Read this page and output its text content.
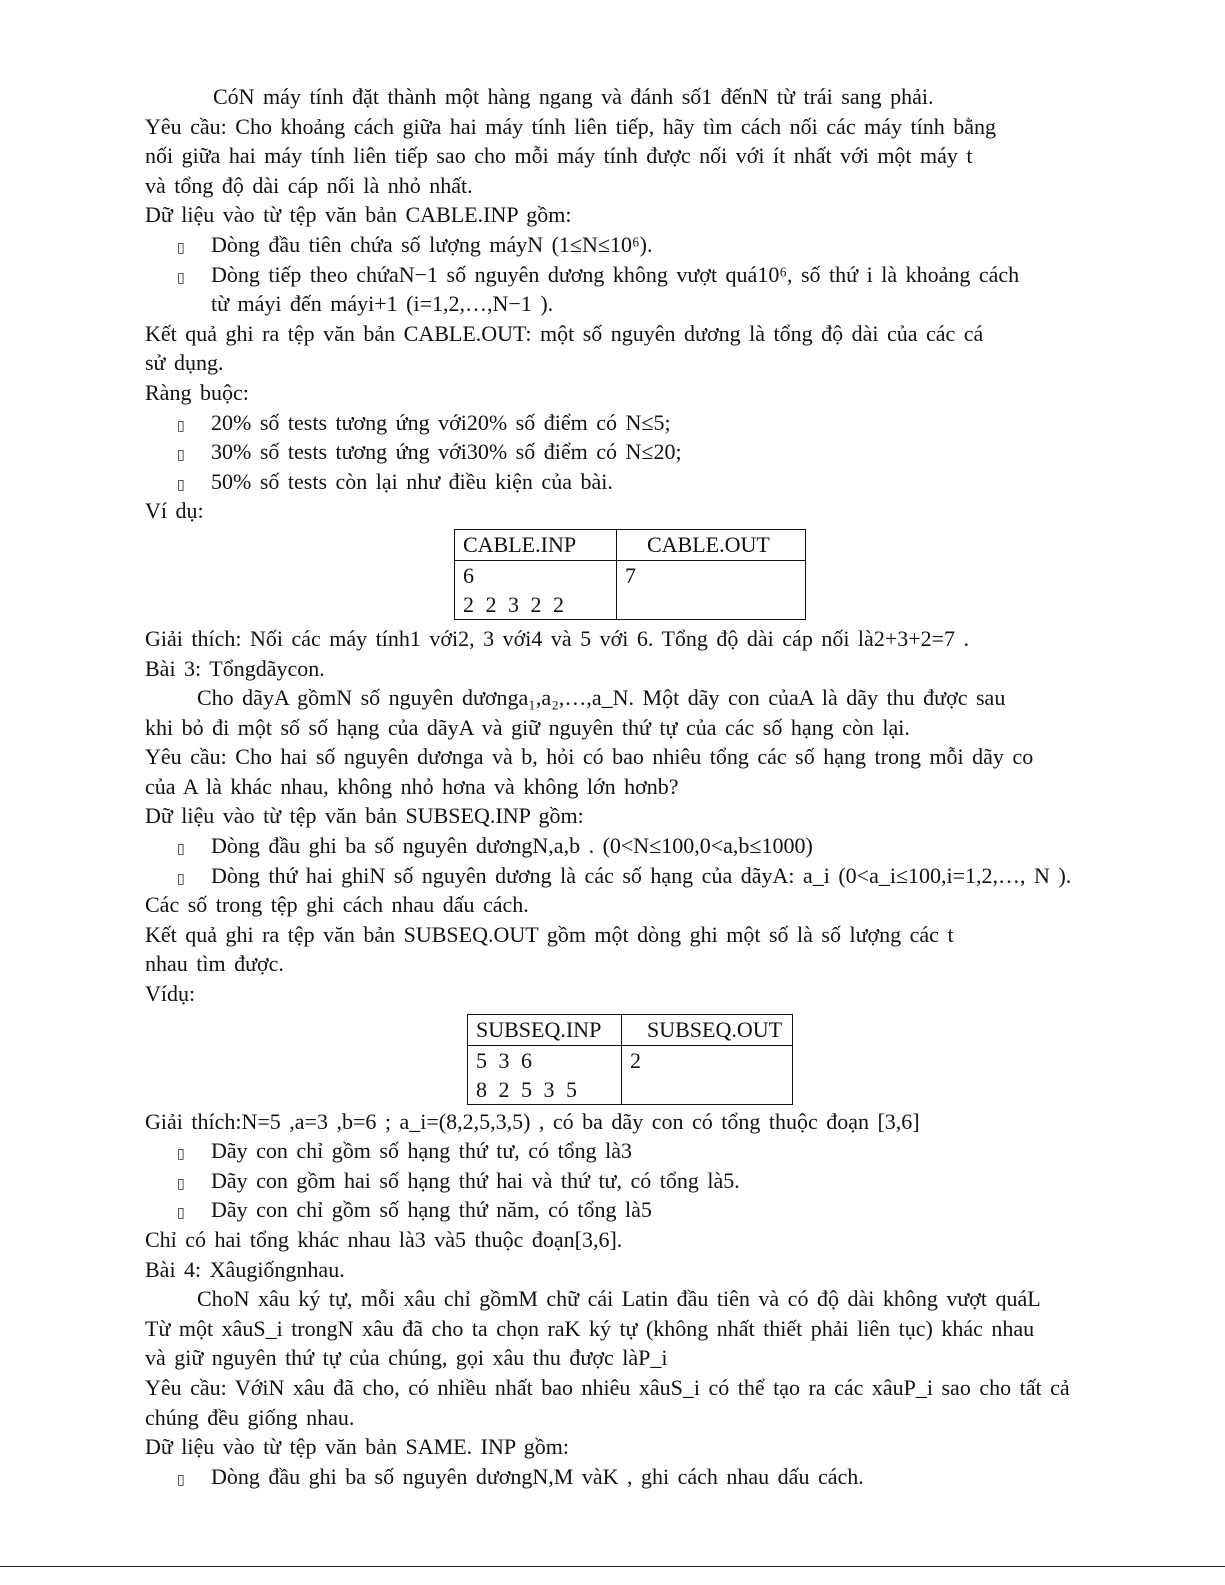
CóN máy tính đặt thành một hàng ngang và đánh số1 đếnN từ trái sang phải.
Yêu cầu: Cho khoảng cách giữa hai máy tính liên tiếp, hãy tìm cách nối các máy tính bằng
nối giữa hai máy tính liên tiếp sao cho mỗi máy tính được nối với ít nhất với một máy t
và tổng độ dài cáp nối là nhỏ nhất.
Dữ liệu vào từ tệp văn bản CABLE.INP gồm:
▯ Dòng đầu tiên chứa số lượng máyN (1≤N≤10⁶).
▯ Dòng tiếp theo chứaN−1 số nguyên dương không vượt quá10⁶, số thứ i là khoảng cách
từ máyi đến máyi+1 (i=1,2,…,N−1 ).
Kết quả ghi ra tệp văn bản CABLE.OUT: một số nguyên dương là tổng độ dài của các cá
sử dụng.
Ràng buộc:
▯ 20% số tests tương ứng với20% số điểm có N≤5;
▯ 30% số tests tương ứng với30% số điểm có N≤20;
▯ 50% số tests còn lại như điều kiện của bài.
Ví dụ:
CABLE.INP	CABLE.OUT

6
2 2 3 2 2	7
Giải thích: Nối các máy tính1 với2, 3 với4 và 5 với 6. Tổng độ dài cáp nối là2+3+2=7 .
Bài 3: Tổngdãycon.
Cho dãyA gồmN số nguyên dươnga₁,a₂,…,a_N. Một dãy con củaA là dãy thu được sau
khi bỏ đi một số số hạng của dãyA và giữ nguyên thứ tự của các số hạng còn lại.
Yêu cầu: Cho hai số nguyên dươnga và b, hỏi có bao nhiêu tổng các số hạng trong mỗi dãy co
của A là khác nhau, không nhỏ hơna và không lớn hơnb?
Dữ liệu vào từ tệp văn bản SUBSEQ.INP gồm:
▯ Dòng đầu ghi ba số nguyên dươngN,a,b . (0<N≤100,0<a,b≤1000)
▯ Dòng thứ hai ghiN số nguyên dương là các số hạng của dãyA: a_i (0<a_i≤100,i=1,2,…, N ).
Các số trong tệp ghi cách nhau dấu cách.
Kết quả ghi ra tệp văn bản SUBSEQ.OUT gồm một dòng ghi một số là số lượng các t
nhau tìm được.
Vídụ:
SUBSEQ.INP	SUBSEQ.OUT

5 3 6
8 2 5 3 5	2
Giải thích:N=5 ,a=3 ,b=6 ; a_i=(8,2,5,3,5) , có ba dãy con có tổng thuộc đoạn [3,6]
▯ Dãy con chỉ gồm số hạng thứ tư, có tổng là3
▯ Dãy con gồm hai số hạng thứ hai và thứ tư, có tổng là5.
▯ Dãy con chỉ gồm số hạng thứ năm, có tổng là5
Chỉ có hai tổng khác nhau là3 và5 thuộc đoạn[3,6].
Bài 4: Xâugiốngnhau.
ChoN xâu ký tự, mỗi xâu chỉ gồmM chữ cái Latin đầu tiên và có độ dài không vượt quáL
Từ một xâuS_i trongN xâu đã cho ta chọn raK ký tự (không nhất thiết phải liên tục) khác nhau
và giữ nguyên thứ tự của chúng, gọi xâu thu được làP_i
Yêu cầu: VớiN xâu đã cho, có nhiều nhất bao nhiêu xâuS_i có thể tạo ra các xâuP_i sao cho tất cả
chúng đều giống nhau.
Dữ liệu vào từ tệp văn bản SAME. INP gồm:
▯ Dòng đầu ghi ba số nguyên dươngN,M vàK , ghi cách nhau dấu cách.
